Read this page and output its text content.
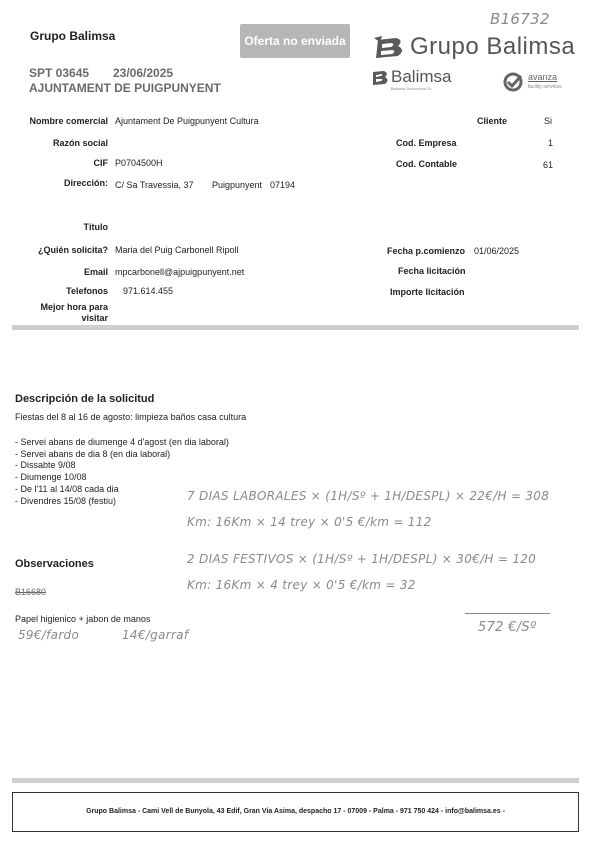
Grupo Balimsa	Oferta no enviada
SPT 03645 23/06/2025
AJUNTAMENT DE PUIGPUNYENT
B16732
Grupo Balimsa
Balimsa
Balimsa Soluciones SL
avanza
facility services
Nombre comercial Ajuntament De Puigpunyent Cultura
Razón social
CIF P0704500H
Dirección: C/ Sa Travessia, 37 Puigpunyent 07194
Cliente	Si
Cod. Empresa	1
Cod. Contable	61
Título
¿Quién solicita? Maria del Puig Carbonell Ripoll
Email mpcarbonell@ajpuigpunyent.net
Telefonos 971.614.455
Mejor hora para
visitar
Fecha p.comienzo 01/06/2025
Fecha licitación
Importe licitación
Descripción de la solicitud
Fiestas del 8 al 16 de agosto: limpieza baños casa cultura
- Servei abans de diumenge 4 d'agost (en dia laboral)
- Servei abans de dia 8 (en dia laboral)
- Dissabte 9/08
- Diumenge 10/08
- De l'11 al 14/08 cada dia
- Divendres 15/08 (festiu)	7 DIAS LABORALES × (1H/Sº + 1H/DESPL) × 22€/H = 308
Km: 16Km × 14 trey × 0'5 €/km = 112
2 DIAS FESTIVOS × (1H/Sº + 1H/DESPL) × 30€/H = 120
Km: 16Km × 4 trey × 0'5 €/km = 32
572 €/Sº
Observaciones
B16680
Papel higienico + jabon de manos
59€/fardo	14€/garraf
Grupo Balimsa - Cami Vell de Bunyola, 43 Edif, Gran Via Asima, despacho 17 - 07009 - Palma - 971 750 424 - info@balimsa.es -
